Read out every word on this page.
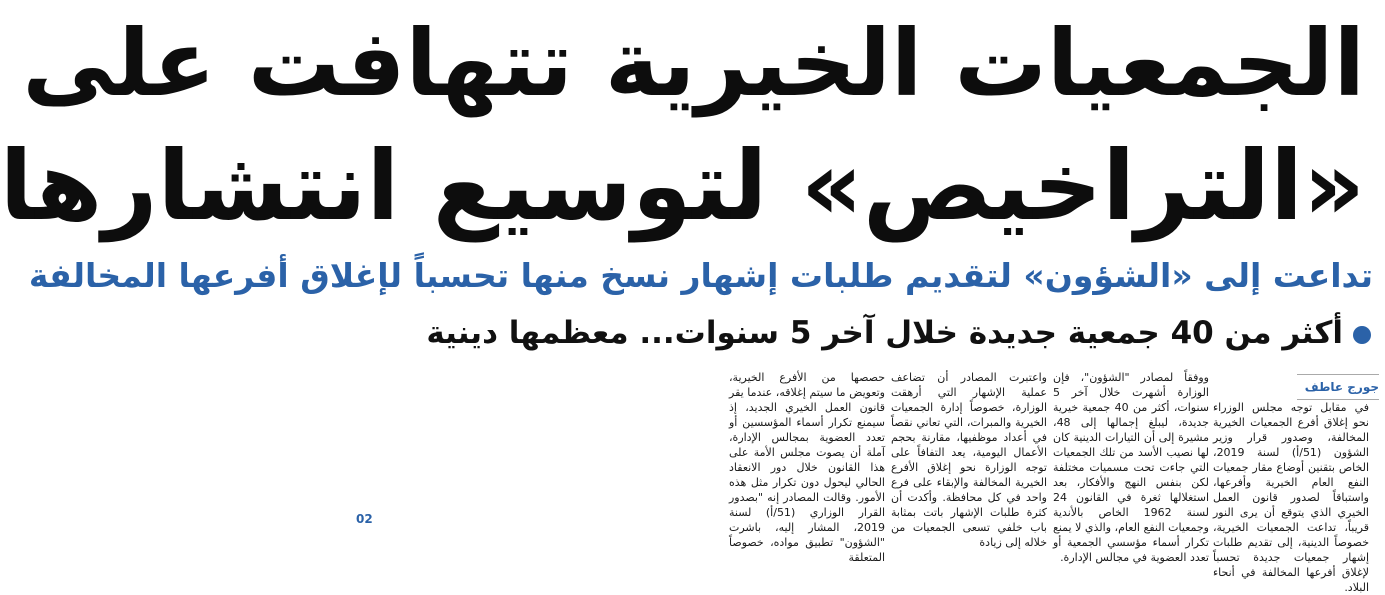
الجمعيات الخيرية تتهافت على
«التراخيص» لتوسيع انتشارها
تداعت إلى «الشؤون» لتقديم طلبات إشهار نسخ منها تحسباً لإغلاق أفرعها المخالفة
أكثر من 40 جمعية جديدة خلال آخر 5 سنوات... معظمها دينية
جورج عاطف
في مقابل توجه مجلس الوزراء نحو إغلاق أفرع الجمعيات الخيرية المخالفة، وصدور قرار وزير الشؤون (51/أ) لسنة 2019، الخاص بتقنين أوضاع مقار جمعيات النفع العام الخيرية وأفرعها، واستباقاً لصدور قانون العمل الخيري الذي يتوقع أن يرى النور قريباً، تداعت الجمعيات الخيرية، خصوصاً الدينية، إلى تقديم طلبات إشهار جمعيات جديدة تحسباً لإغلاق أفرعها المخالفة في أنحاء البلاد.
ووفقاً لمصادر "الشؤون"، فإن الوزارة أشهرت خلال آخر 5 سنوات، أكثر من 40 جمعية خيرية جديدة، ليبلغ إجمالها إلى 48، مشيرة إلى أن التيارات الدينية كان لها نصيب الأسد من تلك الجمعيات التي جاءت تحت مسميات مختلفة لكن بنفس النهج والأفكار، بعد استغلالها ثغرة في القانون 24 لسنة 1962 الخاص بالأندية وجمعيات النفع العام، والذي لا يمنع تكرار أسماء مؤسسي الجمعية أو تعدد العضوية في مجالس الإدارة.
واعتبرت المصادر أن تضاعف عملية الإشهار التي أرهقت الوزارة، خصوصاً إدارة الجمعيات الخيرية والمبرات، التي تعاني نقصاً في أعداد موظفيها، مقارنة بحجم الأعمال اليومية، يعد التفافاً على توجه الوزارة نحو إغلاق الأفرع الخيرية المخالفة والإبقاء على فرع واحد في كل محافظة. وأكدت أن كثرة طلبات الإشهار باتت بمثابة باب خلفي تسعى الجمعيات من خلاله إلى زيادة
حصصها من الأفرع الخيرية، وتعويض ما سيتم إغلاقه، عندما يقر قانون العمل الخيري الجديد، إذ سيمنع تكرار أسماء المؤسسين أو تعدد العضوية بمجالس الإدارة، آملة أن يصوت مجلس الأمة على هذا القانون خلال دور الانعقاد الحالي ليحول دون تكرار مثل هذه الأمور. وقالت المصادر إنه "بصدور القرار الوزاري (51/أ) لسنة 2019، المشار إليه، باشرت "الشؤون" تطبيق مواده، خصوصاً المتعلقة
02
